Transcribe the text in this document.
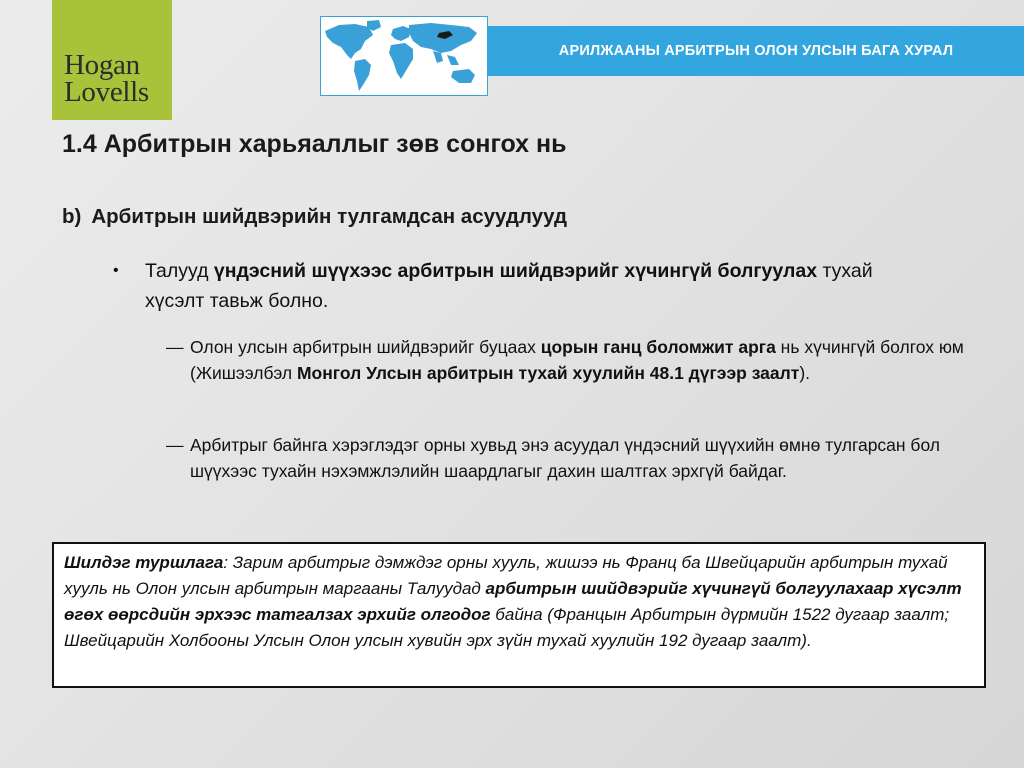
Hogan
Lovells
АРИЛЖААНЫ АРБИТРЫН ОЛОН УЛСЫН БАГА ХУРАЛ
1.4 Арбитрын харьяаллыг зөв сонгох нь
b) Арбитрын шийдвэрийн тулгамдсан асуудлууд
•	Талууд үндэсний шүүхээс арбитрын шийдвэрийг хүчингүй болгуулах тухай хүсэлт тавьж болно.
— Олон улсын арбитрын шийдвэрийг буцаах цорын ганц боломжит арга нь хүчингүй болгох юм (Жишээлбэл Монгол Улсын арбитрын тухай хуулийн 48.1 дүгээр заалт).
— Арбитрыг байнга хэрэглэдэг орны хувьд энэ асуудал үндэсний шүүхийн өмнө тулгарсан бол шүүхээс тухайн нэхэмжлэлийн шаардлагыг дахин шалтгах эрхгүй байдаг.
Шилдэг туршлага: Зарим арбитрыг дэмждэг орны хууль, жишээ нь Франц ба Швейцарийн арбитрын тухай хууль нь Олон улсын арбитрын маргааны Талуудад арбитрын шийдвэрийг хүчингүй болгуулахаар хүсэлт өгөх өөрсдийн эрхээс татгалзах эрхийг олгодог байна (Францын Арбитрын дүрмийн 1522 дугаар заалт; Швейцарийн Холбооны Улсын Олон улсын хувийн эрх зүйн тухай хуулийн 192 дугаар заалт).
